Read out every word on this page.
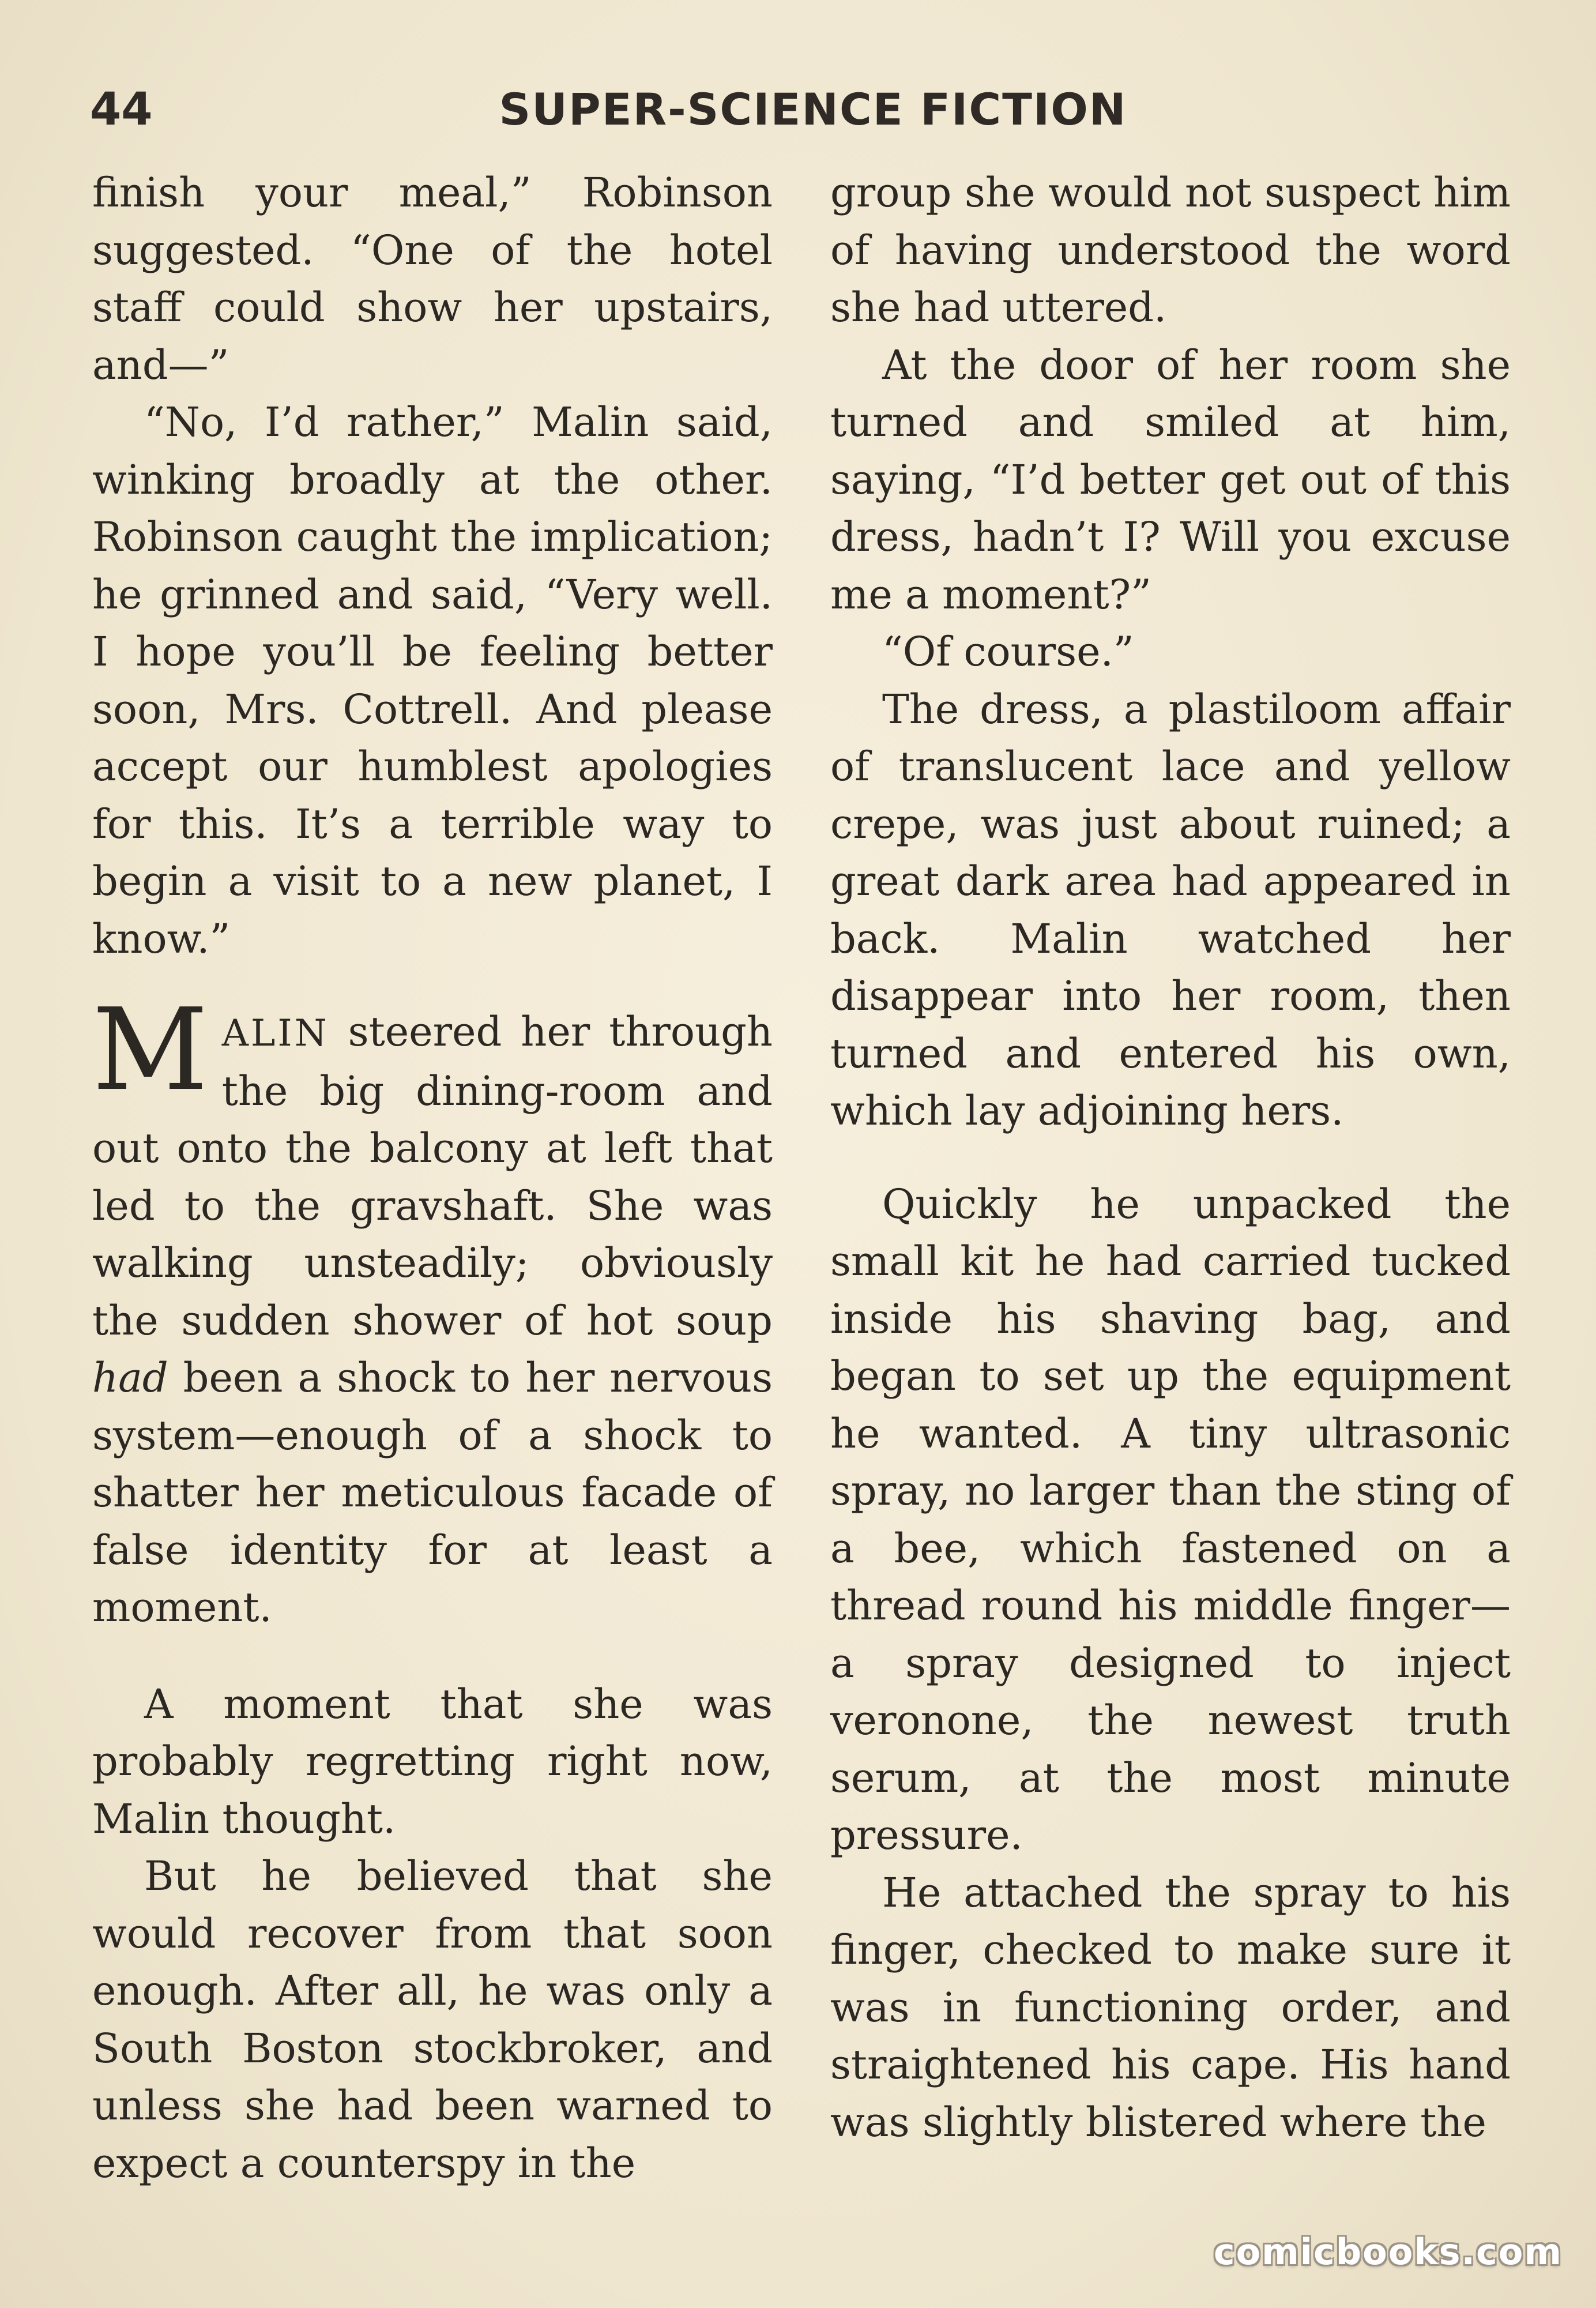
44	SUPER-SCIENCE FICTION

finish your meal,” Robinson suggested. “One of the hotel staff could show her upstairs, and—”

“No, I’d rather,” Malin said, winking broadly at the other. Robinson caught the implication; he grinned and said, “Very well. I hope you’ll be feeling better soon, Mrs. Cottrell. And please accept our humblest apologies for this. It’s a terrible way to begin a visit to a new planet, I know.”

MALIN steered her through the big dining-room and out onto the balcony at left that led to the gravshaft. She was walking unsteadily; obviously the sudden shower of hot soup had been a shock to her nervous system—enough of a shock to shatter her meticulous facade of false identity for at least a moment.

A moment that she was probably regretting right now, Malin thought.

But he believed that she would recover from that soon enough. After all, he was only a South Boston stockbroker, and unless she had been warned to expect a counterspy in the

group she would not suspect him of having understood the word she had uttered.

At the door of her room she turned and smiled at him, saying, “I’d better get out of this dress, hadn’t I? Will you excuse me a moment?”

“Of course.”

The dress, a plastiloom affair of translucent lace and yellow crepe, was just about ruined; a great dark area had appeared in back. Malin watched her disappear into her room, then turned and entered his own, which lay adjoining hers.

Quickly he unpacked the small kit he had carried tucked inside his shaving bag, and began to set up the equipment he wanted. A tiny ultrasonic spray, no larger than the sting of a bee, which fastened on a thread round his middle finger—a spray designed to inject veronone, the newest truth serum, at the most minute pressure.

He attached the spray to his finger, checked to make sure it was in functioning order, and straightened his cape. His hand was slightly blistered where the

comicbooks.com
